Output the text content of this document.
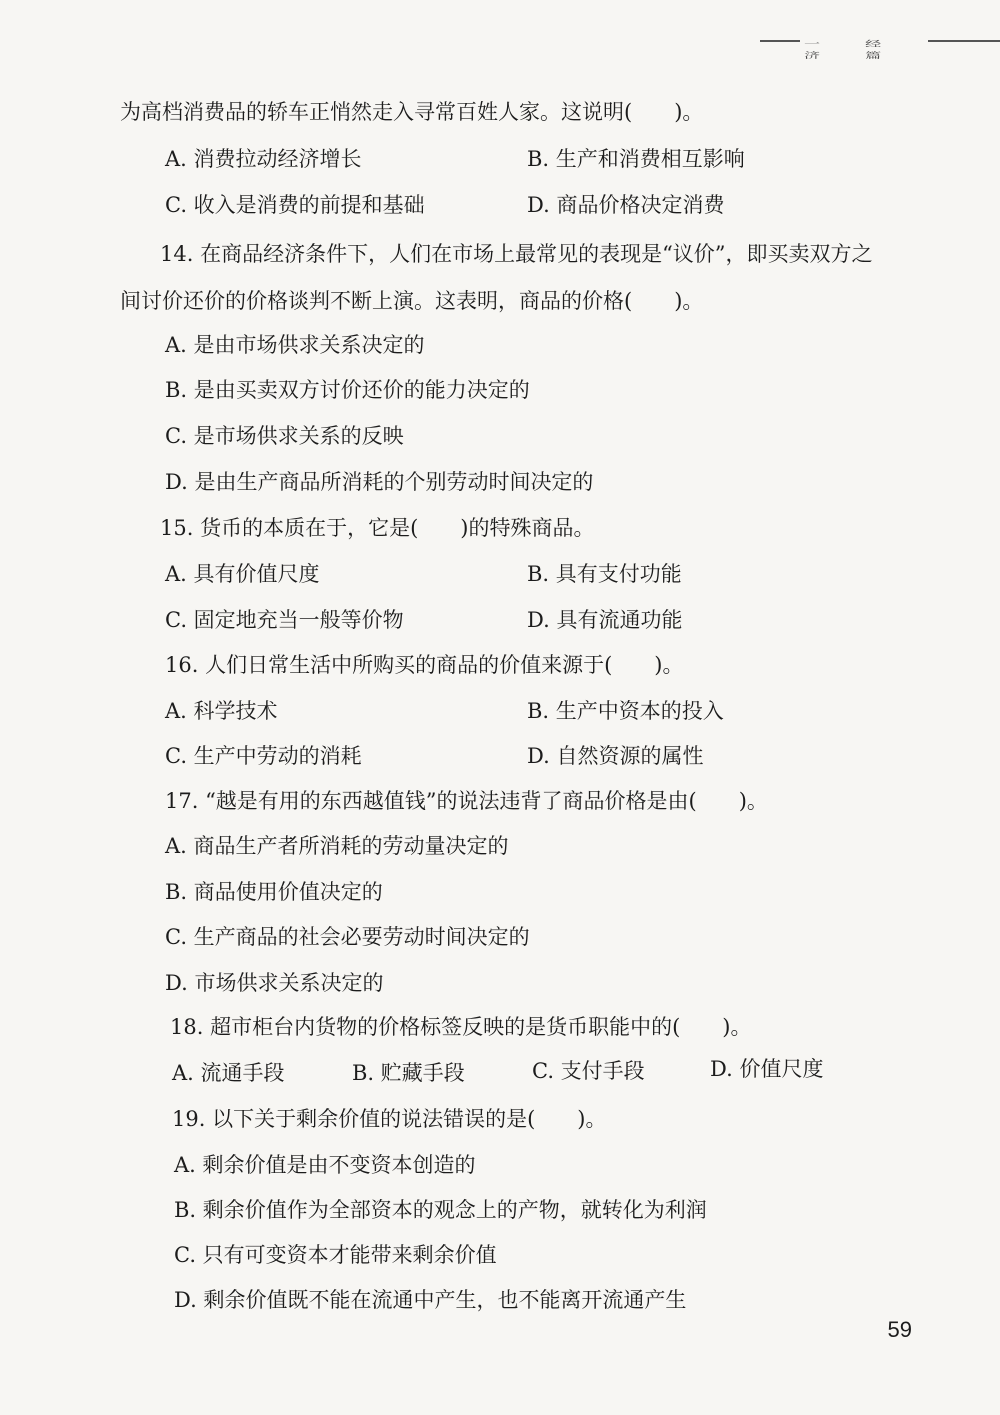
一 经 济 篇
为高档消费品的轿车正悄然走入寻常百姓人家。这说明(　　)。
A. 消费拉动经济增长	B. 生产和消费相互影响
C. 收入是消费的前提和基础	D. 商品价格决定消费
14. 在商品经济条件下，人们在市场上最常见的表现是“议价”，即买卖双方之
间讨价还价的价格谈判不断上演。这表明，商品的价格(　　)。
A. 是由市场供求关系决定的
B. 是由买卖双方讨价还价的能力决定的
C. 是市场供求关系的反映
D. 是由生产商品所消耗的个别劳动时间决定的
15. 货币的本质在于，它是(　　)的特殊商品。
A. 具有价值尺度	B. 具有支付功能
C. 固定地充当一般等价物	D. 具有流通功能
16. 人们日常生活中所购买的商品的价值来源于(　　)。
A. 科学技术	B. 生产中资本的投入
C. 生产中劳动的消耗	D. 自然资源的属性
17. “越是有用的东西越值钱”的说法违背了商品价格是由(　　)。
A. 商品生产者所消耗的劳动量决定的
B. 商品使用价值决定的
C. 生产商品的社会必要劳动时间决定的
D. 市场供求关系决定的
18. 超市柜台内货物的价格标签反映的是货币职能中的(　　)。
A. 流通手段	B. 贮藏手段	C. 支付手段	D. 价值尺度
19. 以下关于剩余价值的说法错误的是(　　)。
A. 剩余价值是由不变资本创造的
B. 剩余价值作为全部资本的观念上的产物，就转化为利润
C. 只有可变资本才能带来剩余价值
D. 剩余价值既不能在流通中产生，也不能离开流通产生
59
